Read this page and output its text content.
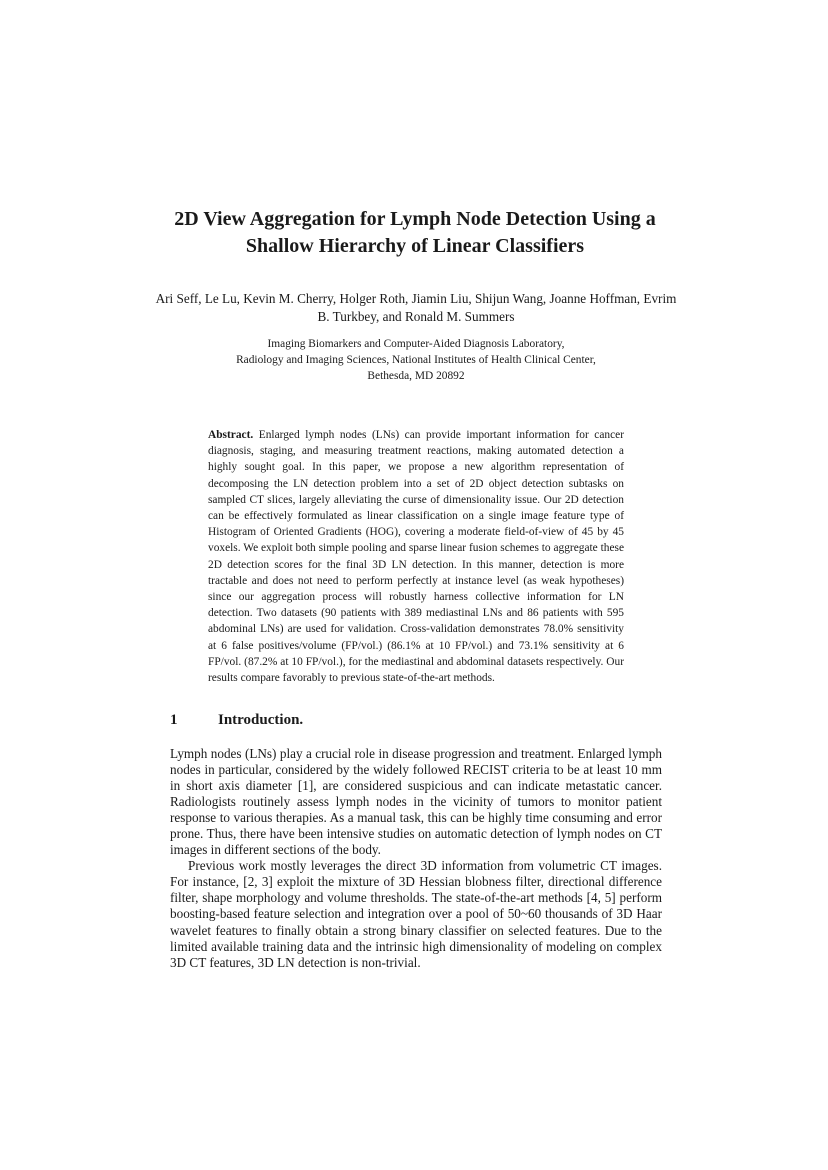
2D View Aggregation for Lymph Node Detection Using a
Shallow Hierarchy of Linear Classifiers
Ari Seff, Le Lu, Kevin M. Cherry, Holger Roth, Jiamin Liu, Shijun Wang, Joanne Hoffman, Evrim B. Turkbey, and Ronald M. Summers
Imaging Biomarkers and Computer-Aided Diagnosis Laboratory,
Radiology and Imaging Sciences, National Institutes of Health Clinical Center,
Bethesda, MD 20892
Abstract. Enlarged lymph nodes (LNs) can provide important information for cancer diagnosis, staging, and measuring treatment reactions, making automated detection a highly sought goal. In this paper, we propose a new algorithm representation of decomposing the LN detection problem into a set of 2D object detection subtasks on sampled CT slices, largely alleviating the curse of dimensionality issue. Our 2D detection can be effectively formulated as linear classification on a single image feature type of Histogram of Oriented Gradients (HOG), covering a moderate field-of-view of 45 by 45 voxels. We exploit both simple pooling and sparse linear fusion schemes to aggregate these 2D detection scores for the final 3D LN detection. In this manner, detection is more tractable and does not need to perform perfectly at instance level (as weak hypotheses) since our aggregation process will robustly harness collective information for LN detection. Two datasets (90 patients with 389 mediastinal LNs and 86 patients with 595 abdominal LNs) are used for validation. Cross-validation demonstrates 78.0% sensitivity at 6 false positives/volume (FP/vol.) (86.1% at 10 FP/vol.) and 73.1% sensitivity at 6 FP/vol. (87.2% at 10 FP/vol.), for the mediastinal and abdominal datasets respectively. Our results compare favorably to previous state-of-the-art methods.
1	Introduction.

Lymph nodes (LNs) play a crucial role in disease progression and treatment. Enlarged lymph nodes in particular, considered by the widely followed RECIST criteria to be at least 10 mm in short axis diameter [1], are considered suspicious and can indicate metastatic cancer. Radiologists routinely assess lymph nodes in the vicinity of tumors to monitor patient response to various therapies. As a manual task, this can be highly time consuming and error prone. Thus, there have been intensive studies on automatic detection of lymph nodes on CT images in different sections of the body.

Previous work mostly leverages the direct 3D information from volumetric CT images. For instance, [2, 3] exploit the mixture of 3D Hessian blobness filter, directional difference filter, shape morphology and volume thresholds. The state-of-the-art methods [4, 5] perform boosting-based feature selection and integration over a pool of 50~60 thousands of 3D Haar wavelet features to finally obtain a strong binary classifier on selected features. Due to the limited available training data and the intrinsic high dimensionality of modeling on complex 3D CT features, 3D LN detection is non-trivial.
